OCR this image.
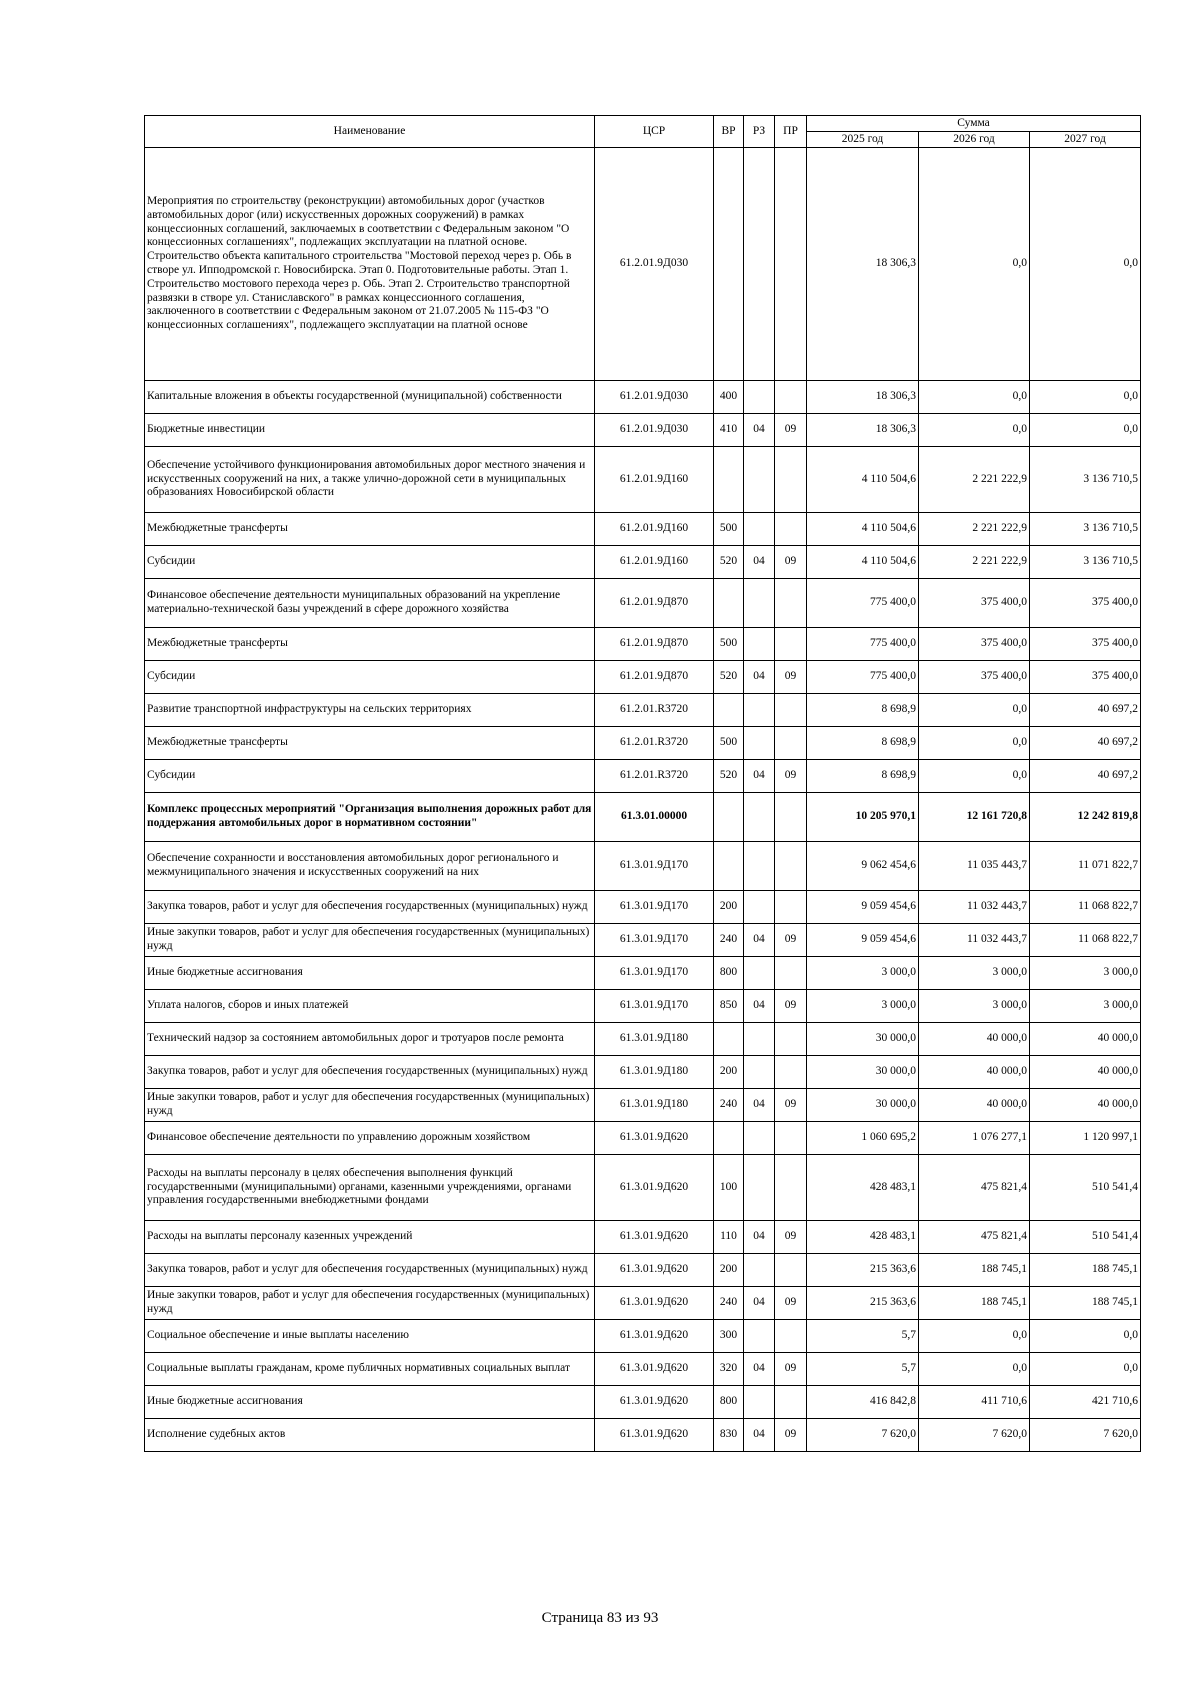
Наименование	ЦСР	ВР	РЗ	ПР	Сумма		
					2025 год	2026 год	2027 год
Мероприятия по строительству (реконструкции) автомобильных дорог (участков автомобильных дорог (или) искусственных дорожных сооружений) в рамках концессионных соглашений, заключаемых в соответствии с Федеральным законом "О концессионных соглашениях", подлежащих эксплуатации на платной основе. Строительство объекта капитального строительства "Мостовой переход через р. Обь в створе ул. Ипподромской г. Новосибирска. Этап 0. Подготовительные работы. Этап 1. Строительство мостового перехода через р. Обь. Этап 2. Строительство транспортной развязки в створе ул. Станиславского" в рамках концессионного соглашения, заключенного в соответствии с Федеральным законом от 21.07.2005 № 115-ФЗ "О концессионных соглашениях", подлежащего эксплуатации на платной основе	61.2.01.9Д030				18 306,3	0,0	0,0
Капитальные вложения в объекты государственной (муниципальной) собственности	61.2.01.9Д030	400			18 306,3	0,0	0,0
Бюджетные инвестиции	61.2.01.9Д030	410	04	09	18 306,3	0,0	0,0
Обеспечение устойчивого функционирования автомобильных дорог местного значения и искусственных сооружений на них, а также улично-дорожной сети в муниципальных образованиях Новосибирской области	61.2.01.9Д160				4 110 504,6	2 221 222,9	3 136 710,5
Межбюджетные трансферты	61.2.01.9Д160	500			4 110 504,6	2 221 222,9	3 136 710,5
Субсидии	61.2.01.9Д160	520	04	09	4 110 504,6	2 221 222,9	3 136 710,5
Финансовое обеспечение деятельности муниципальных образований на укрепление материально-технической базы учреждений в сфере дорожного хозяйства	61.2.01.9Д870				775 400,0	375 400,0	375 400,0
Межбюджетные трансферты	61.2.01.9Д870	500			775 400,0	375 400,0	375 400,0
Субсидии	61.2.01.9Д870	520	04	09	775 400,0	375 400,0	375 400,0
Развитие транспортной инфраструктуры на сельских территориях	61.2.01.R3720				8 698,9	0,0	40 697,2
Межбюджетные трансферты	61.2.01.R3720	500			8 698,9	0,0	40 697,2
Субсидии	61.2.01.R3720	520	04	09	8 698,9	0,0	40 697,2
Комплекс процессных мероприятий "Организация выполнения дорожных работ для поддержания автомобильных дорог в нормативном состоянии"	61.3.01.00000				10 205 970,1	12 161 720,8	12 242 819,8
Обеспечение сохранности и восстановления автомобильных дорог регионального и межмуниципального значения и искусственных сооружений на них	61.3.01.9Д170				9 062 454,6	11 035 443,7	11 071 822,7
Закупка товаров, работ и услуг для обеспечения государственных (муниципальных) нужд	61.3.01.9Д170	200			9 059 454,6	11 032 443,7	11 068 822,7
Иные закупки товаров, работ и услуг для обеспечения государственных (муниципальных) нужд	61.3.01.9Д170	240	04	09	9 059 454,6	11 032 443,7	11 068 822,7
Иные бюджетные ассигнования	61.3.01.9Д170	800			3 000,0	3 000,0	3 000,0
Уплата налогов, сборов и иных платежей	61.3.01.9Д170	850	04	09	3 000,0	3 000,0	3 000,0
Технический надзор за состоянием автомобильных дорог и тротуаров после ремонта	61.3.01.9Д180				30 000,0	40 000,0	40 000,0
Закупка товаров, работ и услуг для обеспечения государственных (муниципальных) нужд	61.3.01.9Д180	200			30 000,0	40 000,0	40 000,0
Иные закупки товаров, работ и услуг для обеспечения государственных (муниципальных) нужд	61.3.01.9Д180	240	04	09	30 000,0	40 000,0	40 000,0
Финансовое обеспечение деятельности по управлению дорожным хозяйством	61.3.01.9Д620				1 060 695,2	1 076 277,1	1 120 997,1
Расходы на выплаты персоналу в целях обеспечения выполнения функций государственными (муниципальными) органами, казенными учреждениями, органами управления государственными внебюджетными фондами	61.3.01.9Д620	100			428 483,1	475 821,4	510 541,4
Расходы на выплаты персоналу казенных учреждений	61.3.01.9Д620	110	04	09	428 483,1	475 821,4	510 541,4
Закупка товаров, работ и услуг для обеспечения государственных (муниципальных) нужд	61.3.01.9Д620	200			215 363,6	188 745,1	188 745,1
Иные закупки товаров, работ и услуг для обеспечения государственных (муниципальных) нужд	61.3.01.9Д620	240	04	09	215 363,6	188 745,1	188 745,1
Социальное обеспечение и иные выплаты населению	61.3.01.9Д620	300			5,7	0,0	0,0
Социальные выплаты гражданам, кроме публичных нормативных социальных выплат	61.3.01.9Д620	320	04	09	5,7	0,0	0,0
Иные бюджетные ассигнования	61.3.01.9Д620	800			416 842,8	411 710,6	421 710,6
Исполнение судебных актов	61.3.01.9Д620	830	04	09	7 620,0	7 620,0	7 620,0
Страница 83 из 93
